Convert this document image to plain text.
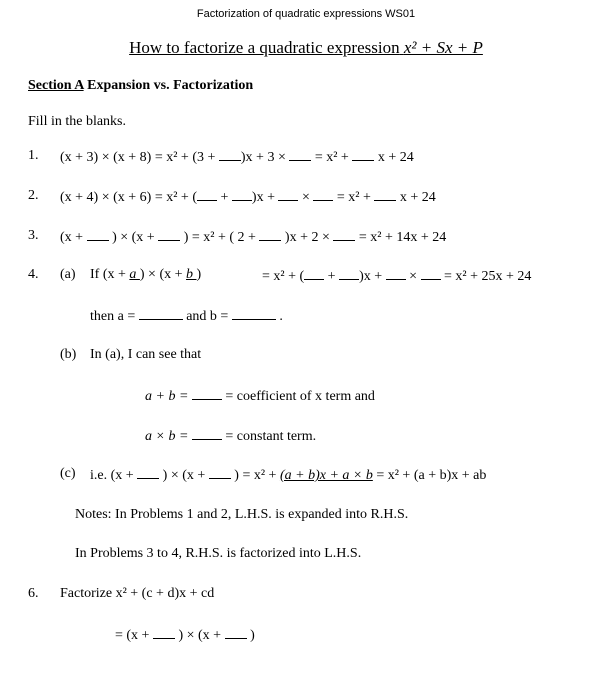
Factorization of quadratic expressions WS01
How to factorize a quadratic expression x² + Sx + P
Section A Expansion vs. Factorization
Fill in the blanks.
1. (x + 3) × (x + 8) = x² + (3 + )x + 3 ×  = x² +  x + 24
2. (x + 4) × (x + 6) = x² + ( + )x +  ×  = x² +  x + 24
3. (x +  ) × (x +  ) = x² + ( 2 +  )x + 2 ×  = x² + 14x + 24
4. (a) If (x + a ) × (x + b )	= x² + ( + )x +  ×  = x² + 25x + 24
then a =	and b =	.
(b) In (a), I can see that
a + b =  = coefficient of x term and
a × b =  = constant term.
(c) i.e. (x +  ) × (x +  ) = x² + (a + b)x + a × b = x² + (a + b)x + ab
Notes: In Problems 1 and 2, L.H.S. is expanded into R.H.S.
In Problems 3 to 4, R.H.S. is factorized into L.H.S.
6. Factorize x² + (c + d)x + cd
= (x +  ) × (x +  )
